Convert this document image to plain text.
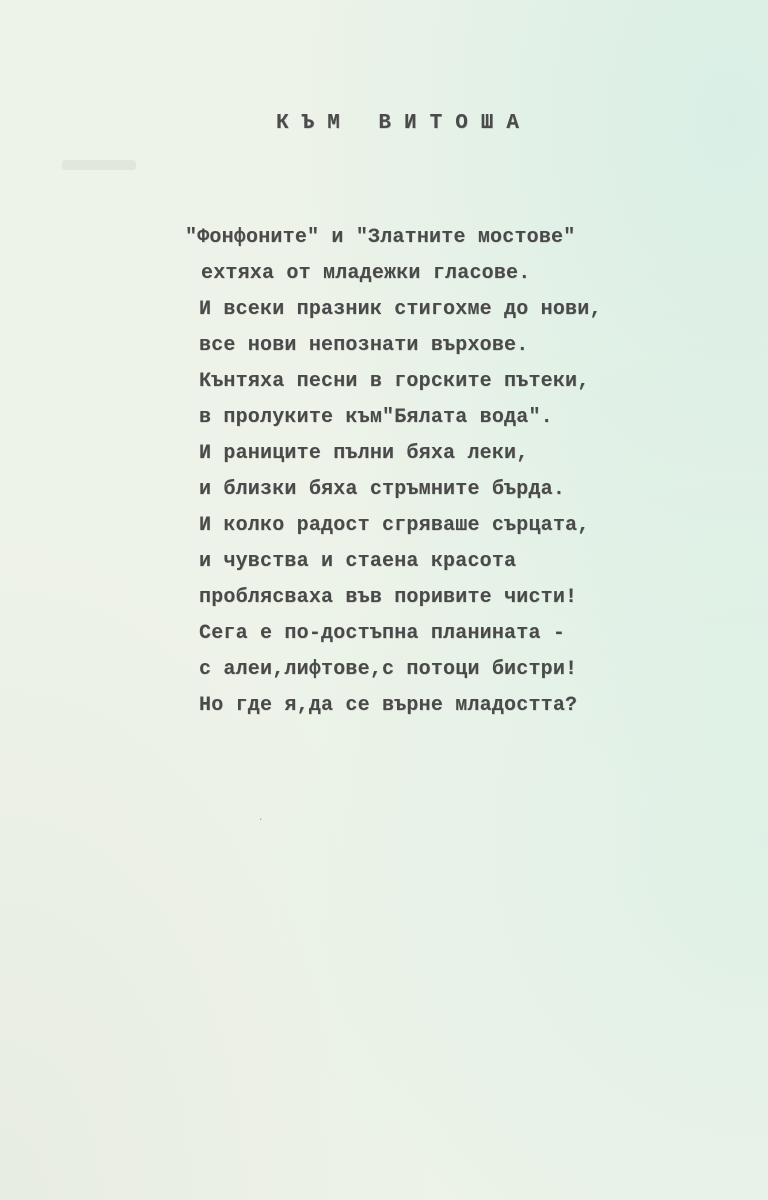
КЪМ ВИТОША
"Фонфоните" и "Златните мостове"
ехтяха от младежки гласове.
И всеки празник стигохме до нови,
все нови непознати върхове.
Кънтяха песни в горските пътеки,
в пролуките към"Бялата вода".
И раниците пълни бяха леки,
и близки бяха стръмните бърда.
И колко радост сгряваше сърцата,
и чувства и стаена красота
проблясваха във поривите чисти!
Сега е по-достъпна планината -
с алеи,лифтове,с потоци бистри!
Но где я,да се върне младостта?
·
